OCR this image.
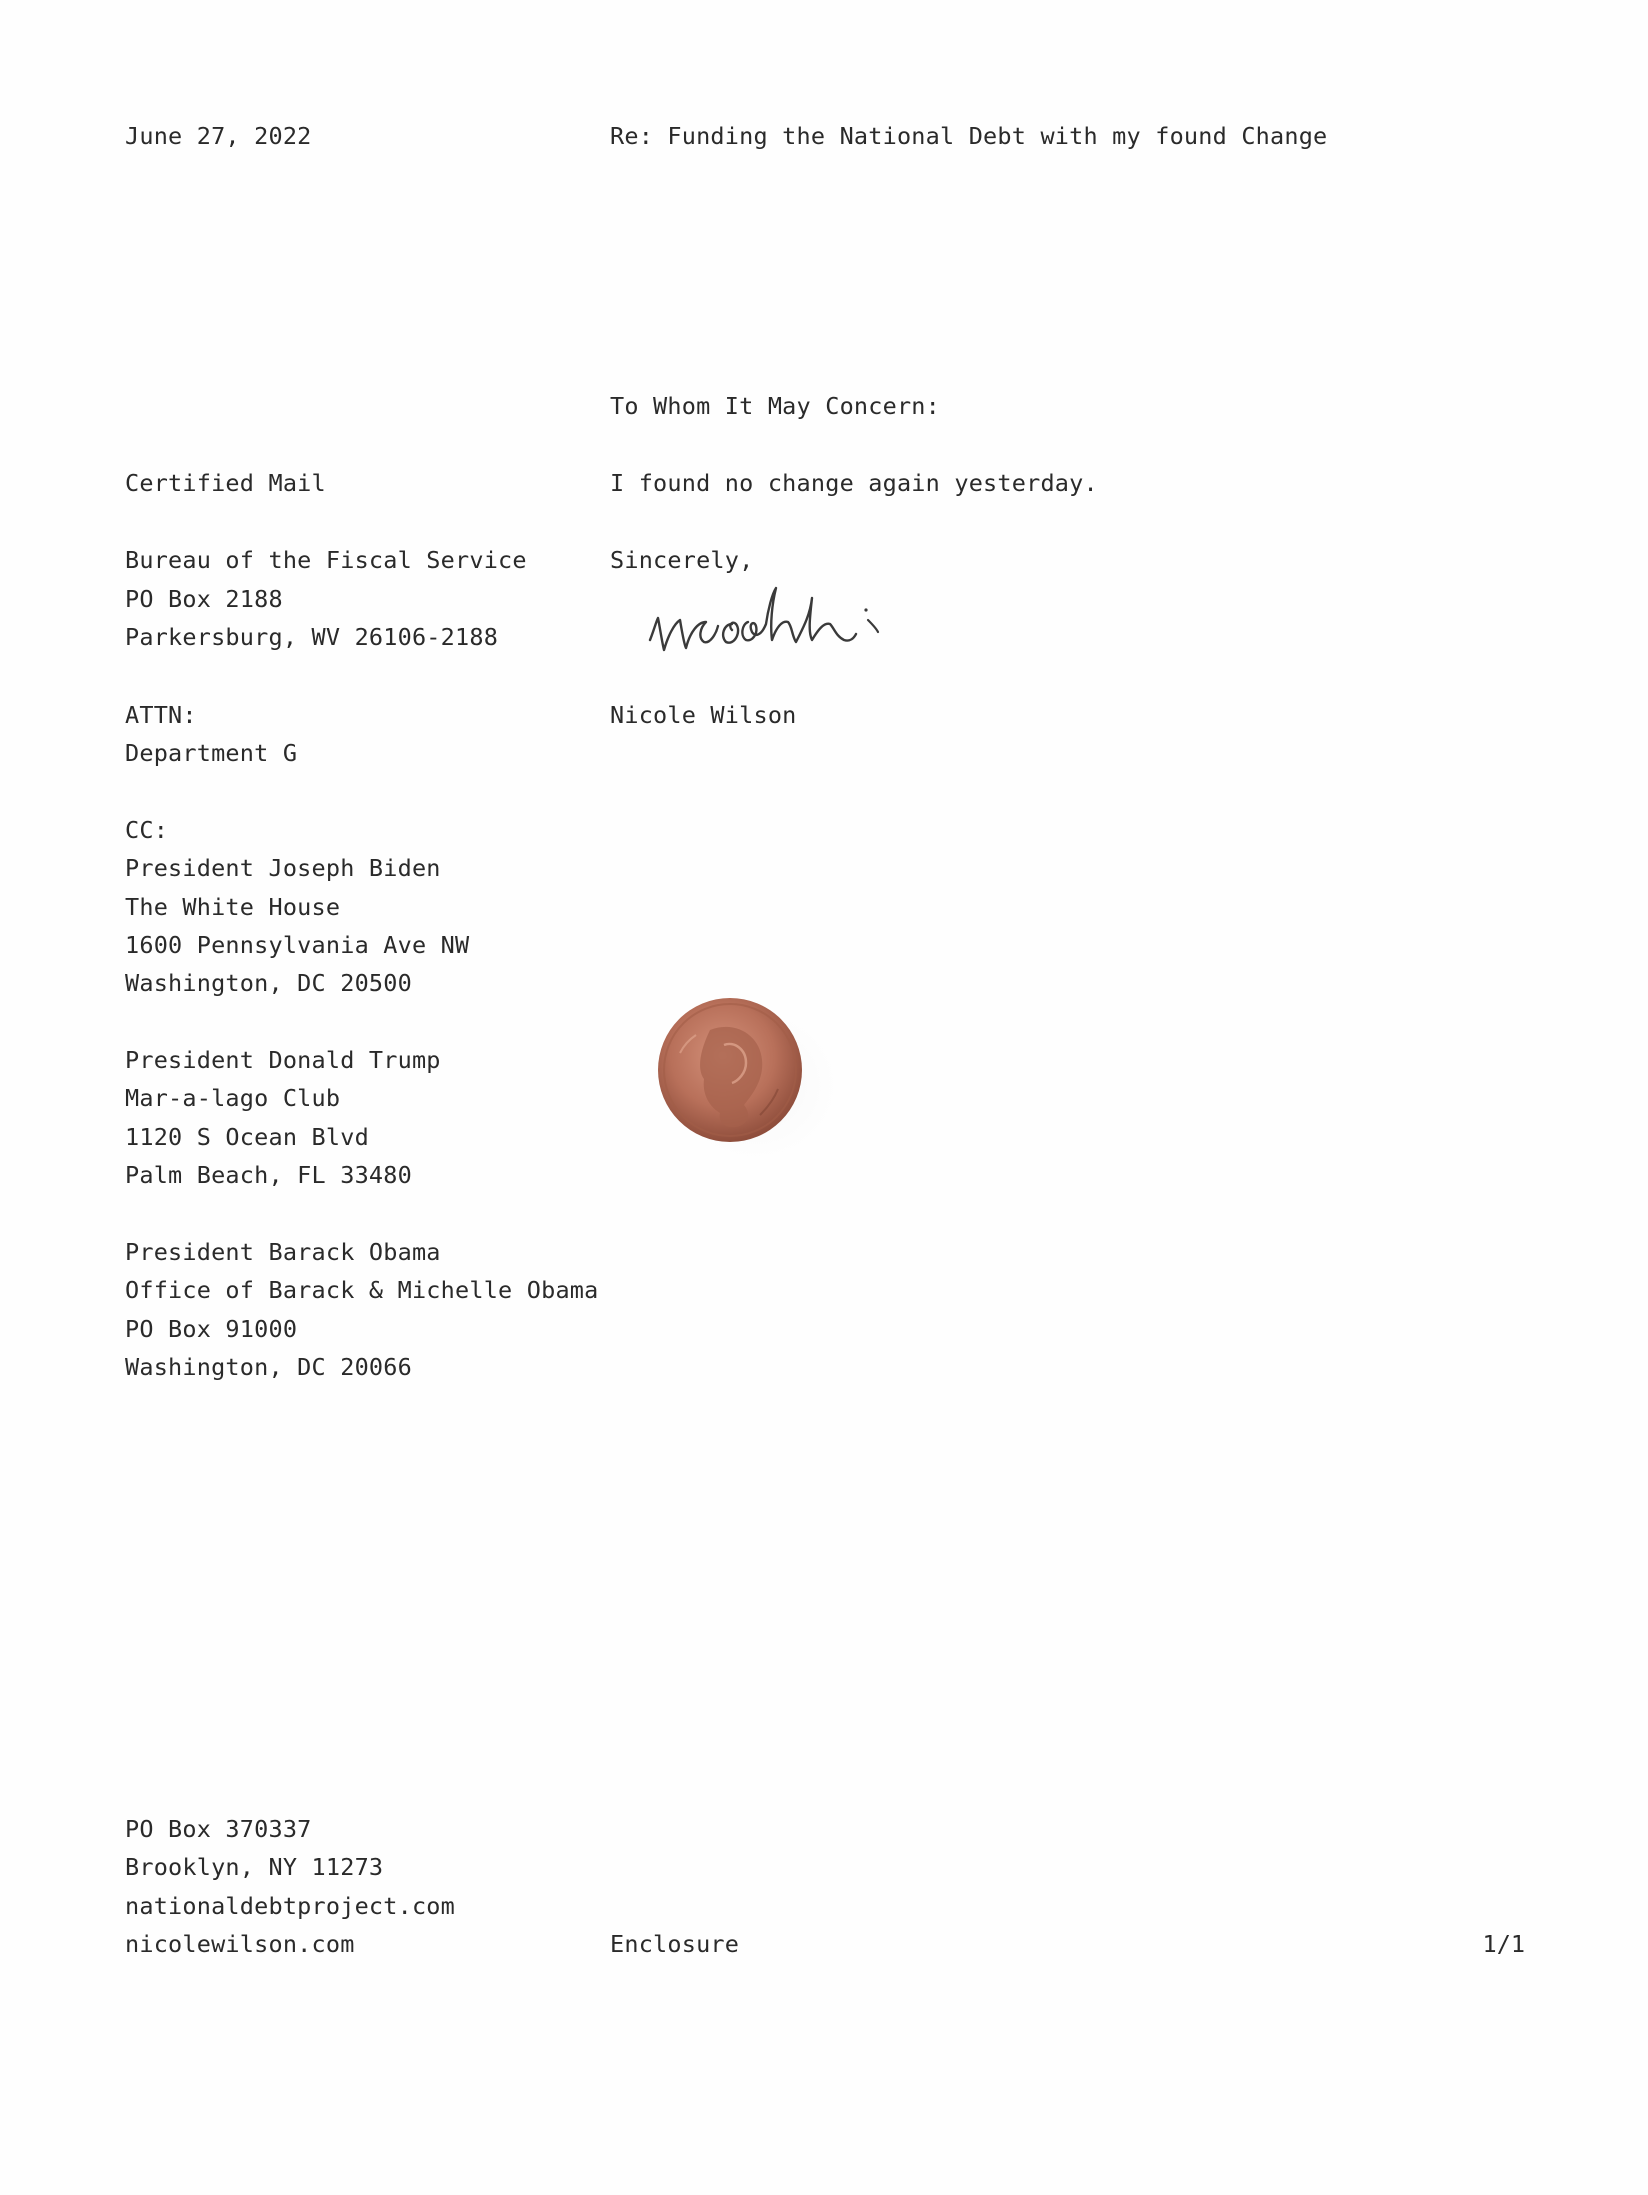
June 27, 2022	Re: Funding the National Debt with my found Change
To Whom It May Concern:
I found no change again yesterday.
Sincerely,
Nicole Wilson
Certified Mail
Bureau of the Fiscal Service
PO Box 2188
Parkersburg, WV 26106-2188
ATTN:
Department G
CC:
President Joseph Biden
The White House
1600 Pennsylvania Ave NW
Washington, DC 20500
President Donald Trump
Mar-a-lago Club
1120 S Ocean Blvd
Palm Beach, FL 33480
President Barack Obama
Office of Barack & Michelle Obama
PO Box 91000
Washington, DC 20066
PO Box 370337
Brooklyn, NY 11273
nationaldebtproject.com
nicolewilson.com	Enclosure	1/1
